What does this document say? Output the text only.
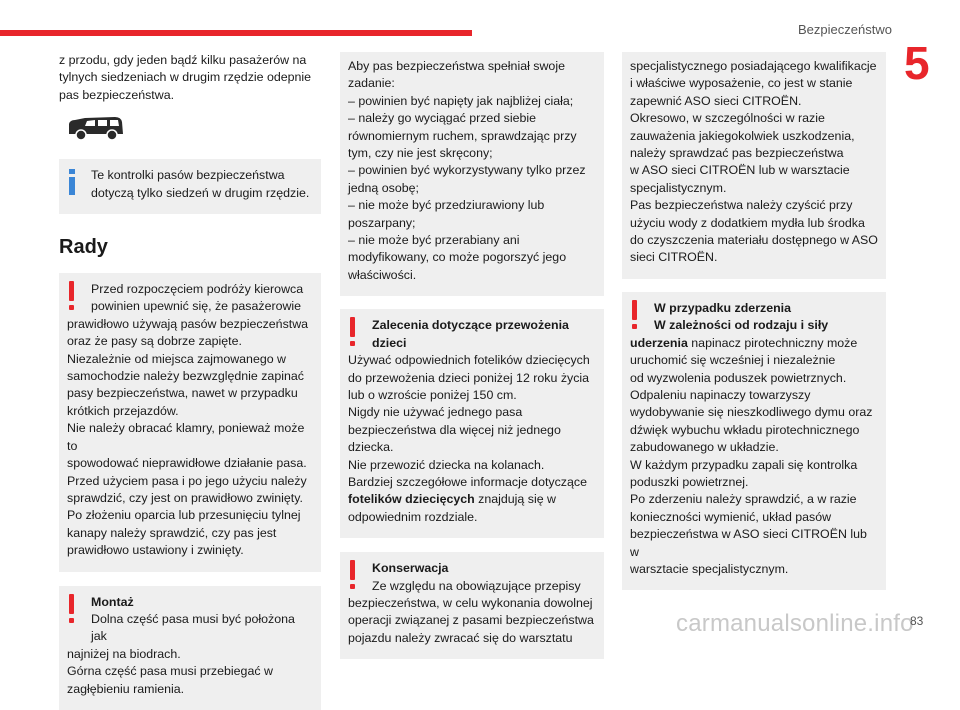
Bezpieczeństwo
5

z przodu, gdy jeden bądź kilku pasażerów na
tylnych siedzeniach w drugim rzędzie odepnie
pas bezpieczeństwa.

Te kontrolki pasów bezpieczeństwa
dotyczą tylko siedzeń w drugim rzędzie.

Rady

Przed rozpoczęciem podróży kierowca
powinien upewnić się, że pasażerowie

prawidłowo używają pasów bezpieczeństwa
oraz że pasy są dobrze zapięte.
Niezależnie od miejsca zajmowanego w
samochodzie należy bezwzględnie zapinać
pasy bezpieczeństwa, nawet w przypadku
krótkich przejazdów.
Nie należy obracać klamry, ponieważ może to
spowodować nieprawidłowe działanie pasa.
Przed użyciem pasa i po jego użyciu należy
sprawdzić, czy jest on prawidłowo zwinięty.
Po złożeniu oparcia lub przesunięciu tylnej
kanapy należy sprawdzić, czy pas jest
prawidłowo ustawiony i zwinięty.

Montaż

Dolna część pasa musi być położona jak

najniżej na biodrach.
Górna część pasa musi przebiegać w
zagłębieniu ramienia.

Aby pas bezpieczeństwa spełniał swoje
zadanie:
– powinien być napięty jak najbliżej ciała;
– należy go wyciągać przed siebie
równomiernym ruchem, sprawdzając przy
tym, czy nie jest skręcony;
– powinien być wykorzystywany tylko przez
jedną osobę;
– nie może być przedziurawiony lub
poszarpany;
– nie może być przerabiany ani
modyfikowany, co może pogorszyć jego
właściwości.

Zalecenia dotyczące przewożenia

dzieci

Używać odpowiednich fotelików dziecięcych
do przewożenia dzieci poniżej 12 roku życia
lub o wzroście poniżej 150 cm.
Nigdy nie używać jednego pasa
bezpieczeństwa dla więcej niż jednego
dziecka.
Nie przewozić dziecka na kolanach.
Bardziej szczegółowe informacje dotyczące

fotelików dziecięcych znajdują się w

odpowiednim rozdziale.

Konserwacja

Ze względu na obowiązujące przepisy

bezpieczeństwa, w celu wykonania dowolnej
operacji związanej z pasami bezpieczeństwa
pojazdu należy zwracać się do warsztatu

specjalistycznego posiadającego kwalifikacje
i właściwe wyposażenie, co jest w stanie
zapewnić ASO sieci CITROËN.
Okresowo, w szczególności w razie
zauważenia jakiegokolwiek uszkodzenia,
należy sprawdzać pas bezpieczeństwa
w ASO sieci CITROËN lub w warsztacie
specjalistycznym.
Pas bezpieczeństwa należy czyścić przy
użyciu wody z dodatkiem mydła lub środka
do czyszczenia materiału dostępnego w ASO
sieci CITROËN.

W przypadku zderzenia

W zależności od rodzaju i siły

uderzenia napinacz pirotechniczny może

uruchomić się wcześniej i niezależnie
od wyzwolenia poduszek powietrznych.
Odpaleniu napinaczy towarzyszy
wydobywanie się nieszkodliwego dymu oraz
dźwięk wybuchu wkładu pirotechnicznego
zabudowanego w układzie.
W każdym przypadku zapali się kontrolka
poduszki powietrznej.
Po zderzeniu należy sprawdzić, a w razie
konieczności wymienić, układ pasów
bezpieczeństwa w ASO sieci CITROËN lub w
warsztacie specjalistycznym.

carmanualsonline.info
83
